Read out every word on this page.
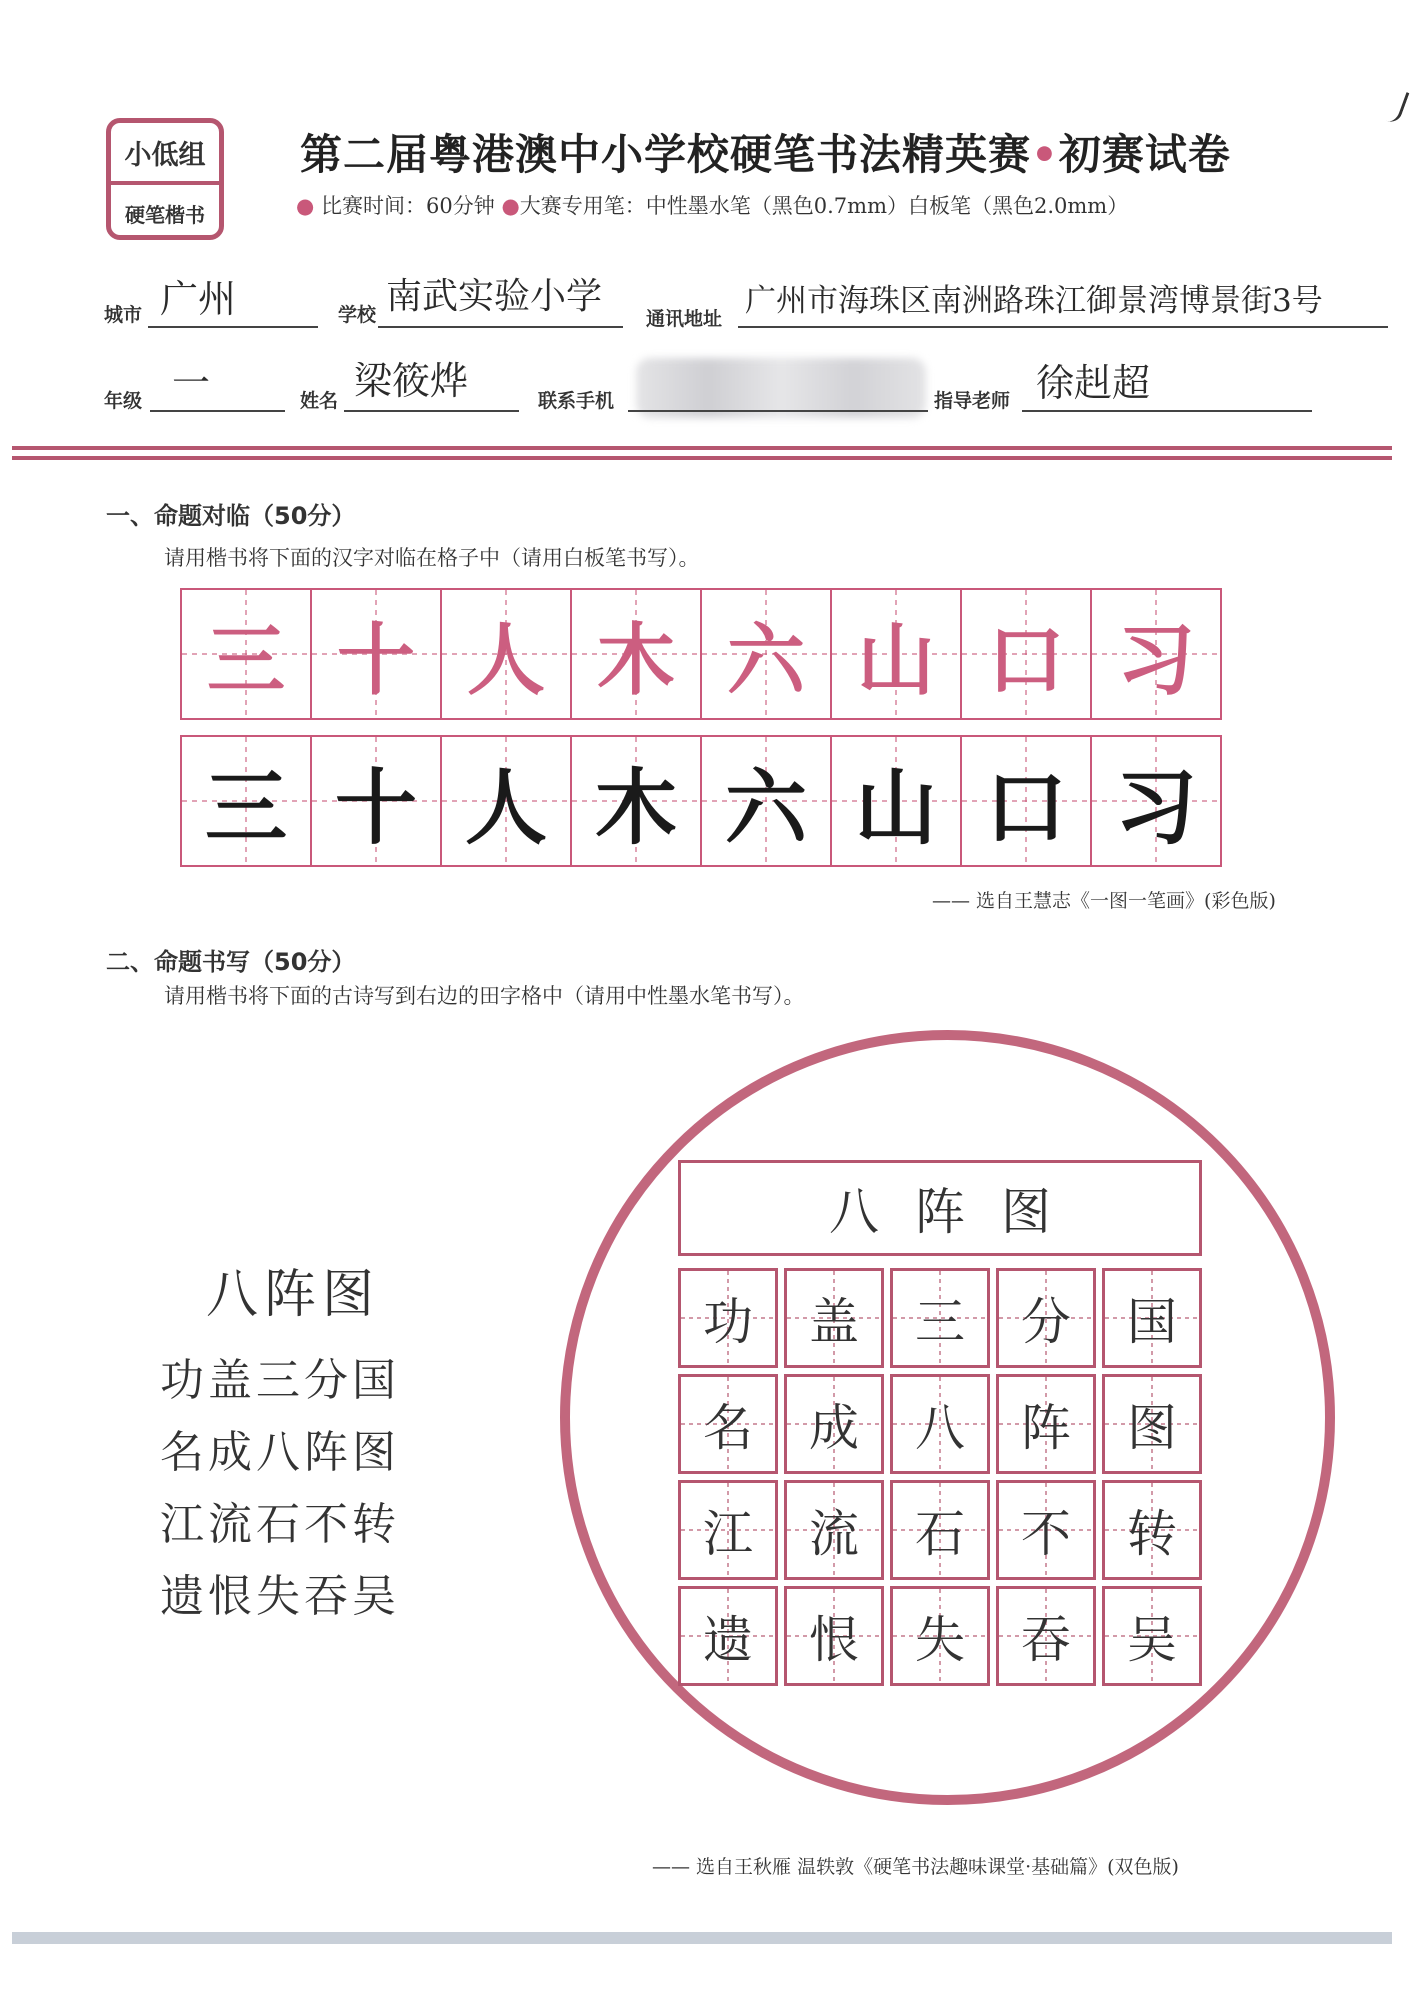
小低组
硬笔楷书
第二届粤港澳中小学校硬笔书法精英赛•初赛试卷
● 比赛时间：60分钟 ●大赛专用笔：中性墨水笔（黑色0.7mm）白板笔（黑色2.0mm）
城市 广州	学校 南武实验小学
通讯地址 广州市海珠区南洲路珠江御景湾博景街3号
年级 一	姓名 梁筱烨	联系手机	指导老师 徐赳超
一、命题对临（50分）
请用楷书将下面的汉字对临在格子中（请用白板笔书写）。
三 十 人 木 六 山 口 习
三 十 人 木 六 山 口 习
—— 选自王慧志《一图一笔画》(彩色版)
二、命题书写（50分）
请用楷书将下面的古诗写到右边的田字格中（请用中性墨水笔书写）。
八阵图
功盖三分国
名成八阵图
江流石不转
遗恨失吞吴
八阵图
功 盖 三 分 国
名 成 八 阵 图
江 流 石 不 转
遗 恨 失 吞 吴
—— 选自王秋雁 温轶敦《硬笔书法趣味课堂·基础篇》(双色版)
